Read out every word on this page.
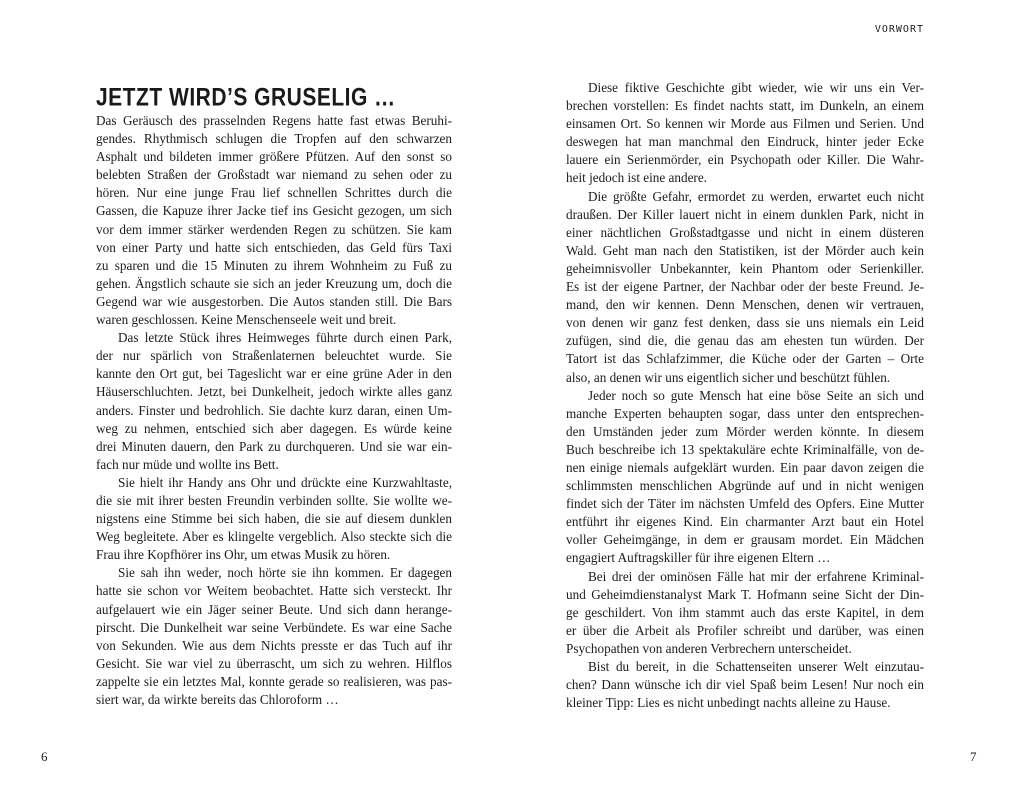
VORWORT
JETZT WIRD’S GRUSELIG …
Das Geräusch des prasselnden Regens hatte fast etwas Beruhi-
gendes. Rhythmisch schlugen die Tropfen auf den schwarzen
Asphalt und bildeten immer größere Pfützen. Auf den sonst so
belebten Straßen der Großstadt war niemand zu sehen oder zu
hören. Nur eine junge Frau lief schnellen Schrittes durch die
Gassen, die Kapuze ihrer Jacke tief ins Gesicht gezogen, um sich
vor dem immer stärker werdenden Regen zu schützen. Sie kam
von einer Party und hatte sich entschieden, das Geld fürs Taxi
zu sparen und die 15 Minuten zu ihrem Wohnheim zu Fuß zu
gehen. Ängstlich schaute sie sich an jeder Kreuzung um, doch die
Gegend war wie ausgestorben. Die Autos standen still. Die Bars
waren geschlossen. Keine Menschenseele weit und breit.
Das letzte Stück ihres Heimweges führte durch einen Park,
der nur spärlich von Straßenlaternen beleuchtet wurde. Sie
kannte den Ort gut, bei Tageslicht war er eine grüne Ader in den
Häuserschluchten. Jetzt, bei Dunkelheit, jedoch wirkte alles ganz
anders. Finster und bedrohlich. Sie dachte kurz daran, einen Um-
weg zu nehmen, entschied sich aber dagegen. Es würde keine
drei Minuten dauern, den Park zu durchqueren. Und sie war ein-
fach nur müde und wollte ins Bett.
Sie hielt ihr Handy ans Ohr und drückte eine Kurzwahltaste,
die sie mit ihrer besten Freundin verbinden sollte. Sie wollte we-
nigstens eine Stimme bei sich haben, die sie auf diesem dunklen
Weg begleitete. Aber es klingelte vergeblich. Also steckte sich die
Frau ihre Kopfhörer ins Ohr, um etwas Musik zu hören.
Sie sah ihn weder, noch hörte sie ihn kommen. Er dagegen
hatte sie schon vor Weitem beobachtet. Hatte sich versteckt. Ihr
aufgelauert wie ein Jäger seiner Beute. Und sich dann herange-
pirscht. Die Dunkelheit war seine Verbündete. Es war eine Sache
von Sekunden. Wie aus dem Nichts presste er das Tuch auf ihr
Gesicht. Sie war viel zu überrascht, um sich zu wehren. Hilflos
zappelte sie ein letztes Mal, konnte gerade so realisieren, was pas-
siert war, da wirkte bereits das Chloroform …
Diese fiktive Geschichte gibt wieder, wie wir uns ein Ver-
brechen vorstellen: Es findet nachts statt, im Dunkeln, an einem
einsamen Ort. So kennen wir Morde aus Filmen und Serien. Und
deswegen hat man manchmal den Eindruck, hinter jeder Ecke
lauere ein Serienmörder, ein Psychopath oder Killer. Die Wahr-
heit jedoch ist eine andere.
Die größte Gefahr, ermordet zu werden, erwartet euch nicht
draußen. Der Killer lauert nicht in einem dunklen Park, nicht in
einer nächtlichen Großstadtgasse und nicht in einem düsteren
Wald. Geht man nach den Statistiken, ist der Mörder auch kein
geheimnisvoller Unbekannter, kein Phantom oder Serienkiller.
Es ist der eigene Partner, der Nachbar oder der beste Freund. Je-
mand, den wir kennen. Denn Menschen, denen wir vertrauen,
von denen wir ganz fest denken, dass sie uns niemals ein Leid
zufügen, sind die, die genau das am ehesten tun würden. Der
Tatort ist das Schlafzimmer, die Küche oder der Garten – Orte
also, an denen wir uns eigentlich sicher und beschützt fühlen.
Jeder noch so gute Mensch hat eine böse Seite an sich und
manche Experten behaupten sogar, dass unter den entsprechen-
den Umständen jeder zum Mörder werden könnte. In diesem
Buch beschreibe ich 13 spektakuläre echte Kriminalfälle, von de-
nen einige niemals aufgeklärt wurden. Ein paar davon zeigen die
schlimmsten menschlichen Abgründe auf und in nicht wenigen
findet sich der Täter im nächsten Umfeld des Opfers. Eine Mutter
entführt ihr eigenes Kind. Ein charmanter Arzt baut ein Hotel
voller Geheimgänge, in dem er grausam mordet. Ein Mädchen
engagiert Auftragskiller für ihre eigenen Eltern …
Bei drei der ominösen Fälle hat mir der erfahrene Kriminal-
und Geheimdienstanalyst Mark T. Hofmann seine Sicht der Din-
ge geschildert. Von ihm stammt auch das erste Kapitel, in dem
er über die Arbeit als Profiler schreibt und darüber, was einen
Psychopathen von anderen Verbrechern unterscheidet.
Bist du bereit, in die Schattenseiten unserer Welt einzutau-
chen? Dann wünsche ich dir viel Spaß beim Lesen! Nur noch ein
kleiner Tipp: Lies es nicht unbedingt nachts alleine zu Hause.
6	7
